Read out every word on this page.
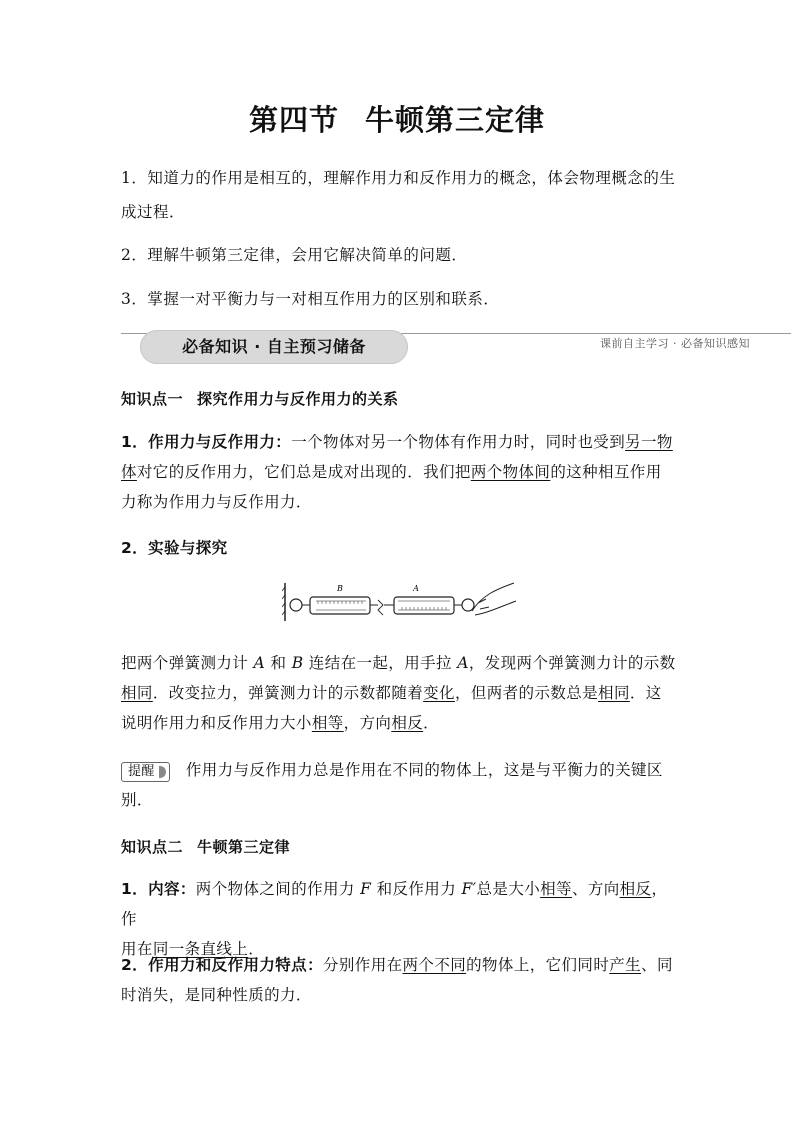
第四节 牛顿第三定律
1．知道力的作用是相互的，理解作用力和反作用力的概念，体会物理概念的生
成过程．
2．理解牛顿第三定律，会用它解决简单的问题．
3．掌握一对平衡力与一对相互作用力的区别和联系．
必备知识 · 自主预习储备	课前自主学习 · 必备知识感知
知识点一 探究作用力与反作用力的关系
1．作用力与反作用力：一个物体对另一个物体有作用力时，同时也受到另一物
体对它的反作用力，它们总是成对出现的．我们把两个物体间的这种相互作用
力称为作用力与反作用力．
2．实验与探究
B	A
把两个弹簧测力计 A 和 B 连结在一起，用手拉 A，发现两个弹簧测力计的示数
相同．改变拉力，弹簧测力计的示数都随着变化，但两者的示数总是相同．这
说明作用力和反作用力大小相等，方向相反．
提醒 作用力与反作用力总是作用在不同的物体上，这是与平衡力的关键区
别．
知识点二 牛顿第三定律
1．内容：两个物体之间的作用力 F 和反作用力 F′总是大小相等、方向相反，作
用在同一条直线上．
2．作用力和反作用力特点：分别作用在两个不同的物体上，它们同时产生、同
时消失，是同种性质的力．
